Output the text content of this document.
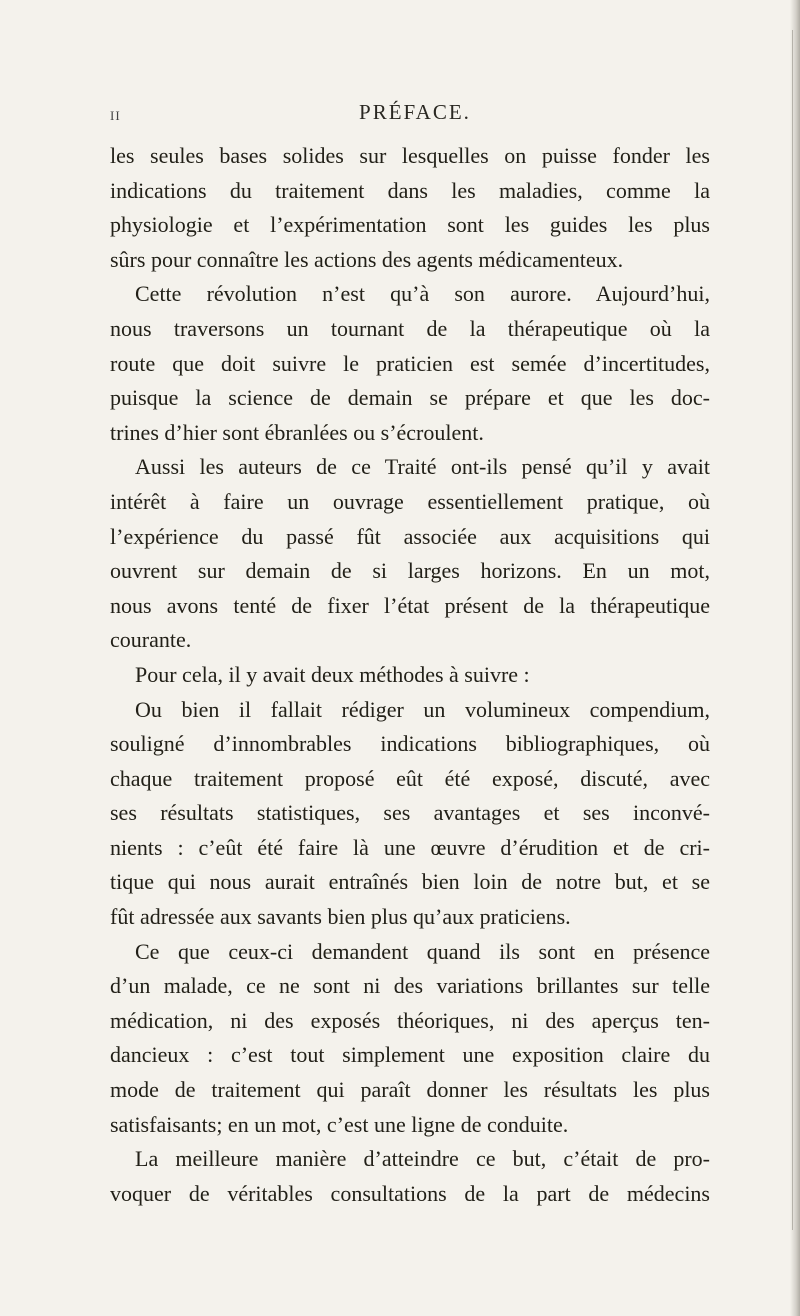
II	PRÉFACE.
les seules bases solides sur lesquelles on puisse fonder les
indications du traitement dans les maladies, comme la
physiologie et l’expérimentation sont les guides les plus
sûrs pour connaître les actions des agents médicamenteux.
Cette révolution n’est qu’à son aurore. Aujourd’hui,
nous traversons un tournant de la thérapeutique où la
route que doit suivre le praticien est semée d’incertitudes,
puisque la science de demain se prépare et que les doc-
trines d’hier sont ébranlées ou s’écroulent.
Aussi les auteurs de ce Traité ont-ils pensé qu’il y avait
intérêt à faire un ouvrage essentiellement pratique, où
l’expérience du passé fût associée aux acquisitions qui
ouvrent sur demain de si larges horizons. En un mot,
nous avons tenté de fixer l’état présent de la thérapeutique
courante.
Pour cela, il y avait deux méthodes à suivre :
Ou bien il fallait rédiger un volumineux compendium,
souligné d’innombrables indications bibliographiques, où
chaque traitement proposé eût été exposé, discuté, avec
ses résultats statistiques, ses avantages et ses inconvé-
nients : c’eût été faire là une œuvre d’érudition et de cri-
tique qui nous aurait entraînés bien loin de notre but, et se
fût adressée aux savants bien plus qu’aux praticiens.
Ce que ceux-ci demandent quand ils sont en présence
d’un malade, ce ne sont ni des variations brillantes sur telle
médication, ni des exposés théoriques, ni des aperçus ten-
dancieux : c’est tout simplement une exposition claire du
mode de traitement qui paraît donner les résultats les plus
satisfaisants; en un mot, c’est une ligne de conduite.
La meilleure manière d’atteindre ce but, c’était de pro-
voquer de véritables consultations de la part de médecins
